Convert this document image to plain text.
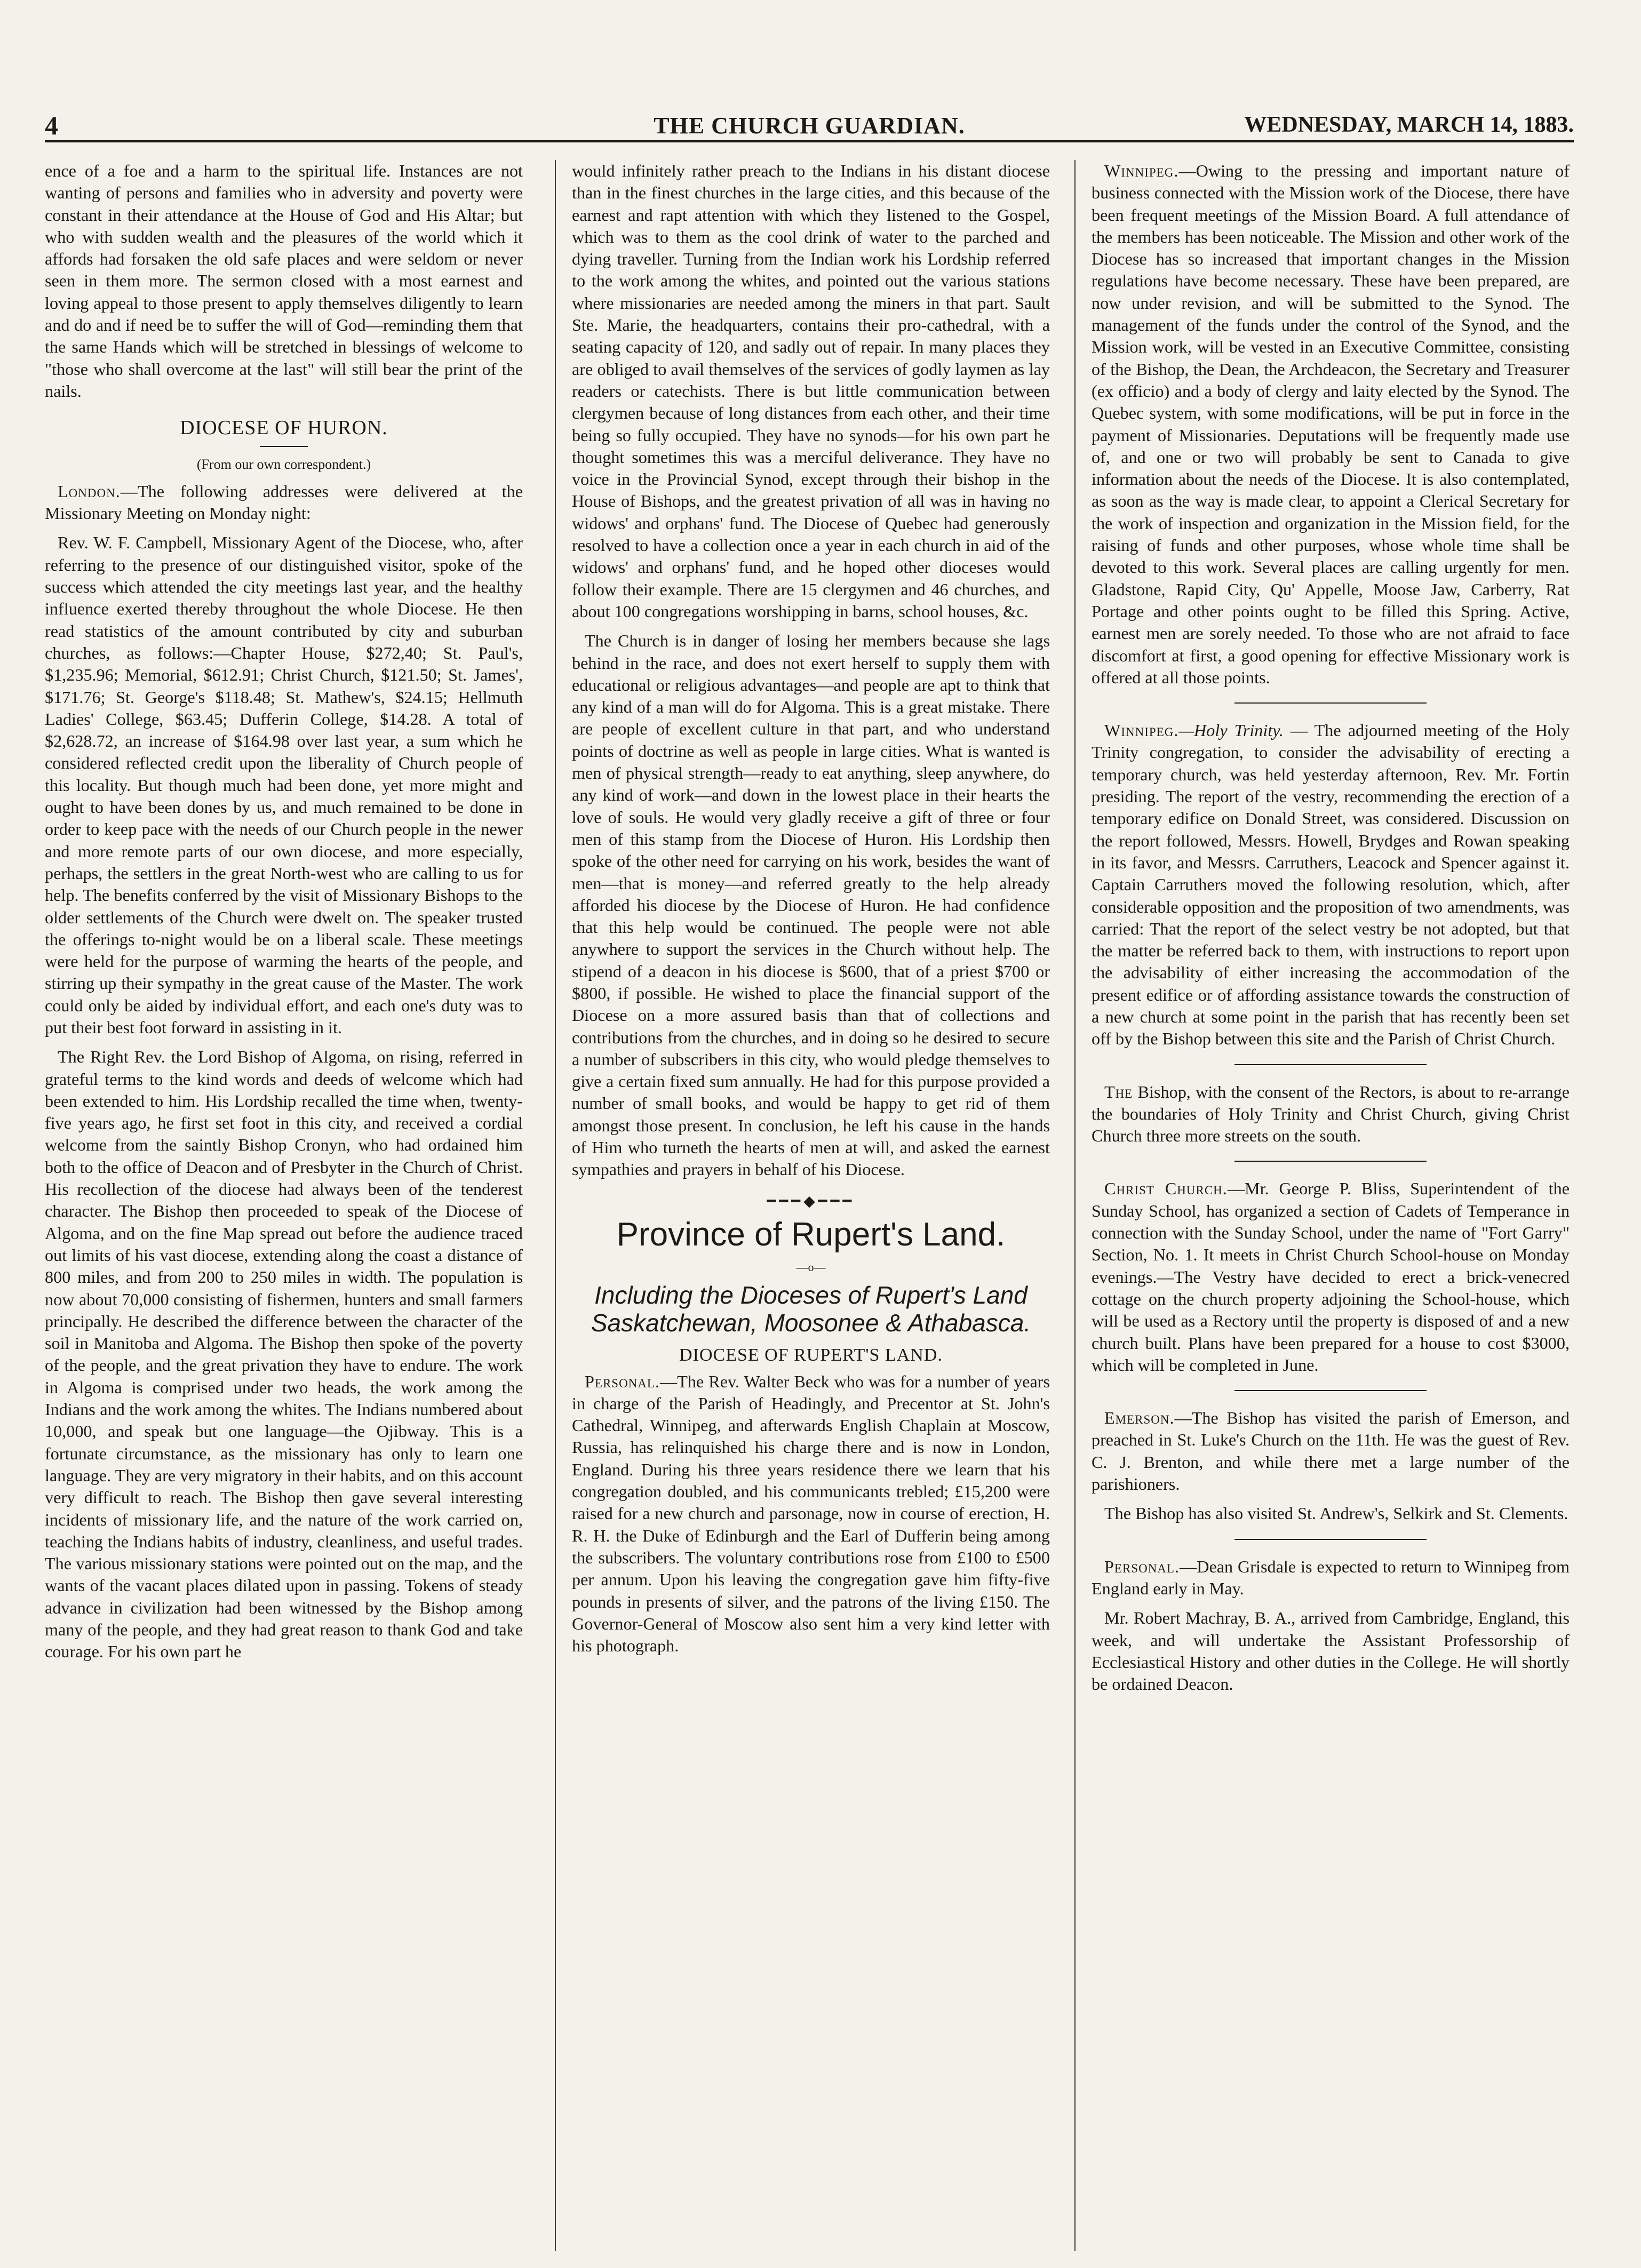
4	THE CHURCH GUARDIAN.	WEDNESDAY, MARCH 14, 1883.

ence of a foe and a harm to the spiritual life. Instances are not wanting of persons and families who in adversity and poverty were constant in their attendance at the House of God and His Altar; but who with sudden wealth and the pleasures of the world which it affords had forsaken the old safe places and were seldom or never seen in them more. The sermon closed with a most earnest and loving appeal to those present to apply themselves diligently to learn and do and if need be to suffer the will of God—reminding them that the same Hands which will be stretched in blessings of welcome to "those who shall overcome at the last" will still bear the print of the nails.

DIOCESE OF HURON.
(From our own correspondent.)

London.—The following addresses were delivered at the Missionary Meeting on Monday night:

Rev. W. F. Campbell, Missionary Agent of the Diocese, who, after referring to the presence of our distinguished visitor, spoke of the success which attended the city meetings last year, and the healthy influence exerted thereby throughout the whole Diocese. He then read statistics of the amount contributed by city and suburban churches, as follows:—Chapter House, $272,40; St. Paul's, $1,235.96; Memorial, $612.91; Christ Church, $121.50; St. James', $171.76; St. George's $118.48; St. Mathew's, $24.15; Hellmuth Ladies' College, $63.45; Dufferin College, $14.28. A total of $2,628.72, an increase of $164.98 over last year, a sum which he considered reflected credit upon the liberality of Church people of this locality. But though much had been done, yet more might and ought to have been dones by us, and much remained to be done in order to keep pace with the needs of our Church people in the newer and more remote parts of our own diocese, and more especially, perhaps, the settlers in the great North-west who are calling to us for help. The benefits conferred by the visit of Missionary Bishops to the older settlements of the Church were dwelt on. The speaker trusted the offerings to-night would be on a liberal scale. These meetings were held for the purpose of warming the hearts of the people, and stirring up their sympathy in the great cause of the Master. The work could only be aided by individual effort, and each one's duty was to put their best foot forward in assisting in it.

The Right Rev. the Lord Bishop of Algoma, on rising, referred in grateful terms to the kind words and deeds of welcome which had been extended to him. His Lordship recalled the time when, twenty-five years ago, he first set foot in this city, and received a cordial welcome from the saintly Bishop Cronyn, who had ordained him both to the office of Deacon and of Presbyter in the Church of Christ. His recollection of the diocese had always been of the tenderest character. The Bishop then proceeded to speak of the Diocese of Algoma, and on the fine Map spread out before the audience traced out limits of his vast diocese, extending along the coast a distance of 800 miles, and from 200 to 250 miles in width. The population is now about 70,000 consisting of fishermen, hunters and small farmers principally. He described the difference between the character of the soil in Manitoba and Algoma. The Bishop then spoke of the poverty of the people, and the great privation they have to endure. The work in Algoma is comprised under two heads, the work among the Indians and the work among the whites. The Indians numbered about 10,000, and speak but one language—the Ojibway. This is a fortunate circumstance, as the missionary has only to learn one language. They are very migratory in their habits, and on this account very difficult to reach. The Bishop then gave several interesting incidents of missionary life, and the nature of the work carried on, teaching the Indians habits of industry, cleanliness, and useful trades. The various missionary stations were pointed out on the map, and the wants of the vacant places dilated upon in passing. Tokens of steady advance in civilization had been witnessed by the Bishop among many of the people, and they had great reason to thank God and take courage. For his own part he

would infinitely rather preach to the Indians in his distant diocese than in the finest churches in the large cities, and this because of the earnest and rapt attention with which they listened to the Gospel, which was to them as the cool drink of water to the parched and dying traveller. Turning from the Indian work his Lordship referred to the work among the whites, and pointed out the various stations where missionaries are needed among the miners in that part. Sault Ste. Marie, the headquarters, contains their pro-cathedral, with a seating capacity of 120, and sadly out of repair. In many places they are obliged to avail themselves of the services of godly laymen as lay readers or catechists. There is but little communication between clergymen because of long distances from each other, and their time being so fully occupied. They have no synods—for his own part he thought sometimes this was a merciful deliverance. They have no voice in the Provincial Synod, except through their bishop in the House of Bishops, and the greatest privation of all was in having no widows' and orphans' fund. The Diocese of Quebec had generously resolved to have a collection once a year in each church in aid of the widows' and orphans' fund, and he hoped other dioceses would follow their example. There are 15 clergymen and 46 churches, and about 100 congregations worshipping in barns, school houses, &c.

The Church is in danger of losing her members because she lags behind in the race, and does not exert herself to supply them with educational or religious advantages—and people are apt to think that any kind of a man will do for Algoma. This is a great mistake. There are people of excellent culture in that part, and who understand points of doctrine as well as people in large cities. What is wanted is men of physical strength—ready to eat anything, sleep anywhere, do any kind of work—and down in the lowest place in their hearts the love of souls. He would very gladly receive a gift of three or four men of this stamp from the Diocese of Huron. His Lordship then spoke of the other need for carrying on his work, besides the want of men—that is money—and referred greatly to the help already afforded his diocese by the Diocese of Huron. He had confidence that this help would be continued. The people were not able anywhere to support the services in the Church without help. The stipend of a deacon in his diocese is $600, that of a priest $700 or $800, if possible. He wished to place the financial support of the Diocese on a more assured basis than that of collections and contributions from the churches, and in doing so he desired to secure a number of subscribers in this city, who would pledge themselves to give a certain fixed sum annually. He had for this purpose provided a number of small books, and would be happy to get rid of them amongst those present. In conclusion, he left his cause in the hands of Him who turneth the hearts of men at will, and asked the earnest sympathies and prayers in behalf of his Diocese.

━━━◆━━━
Province of Rupert's Land.
—o—
Including the Dioceses of Rupert's Land Saskatchewan, Moosonee & Athabasca.
DIOCESE OF RUPERT'S LAND.

Personal.—The Rev. Walter Beck who was for a number of years in charge of the Parish of Headingly, and Precentor at St. John's Cathedral, Winnipeg, and afterwards English Chaplain at Moscow, Russia, has relinquished his charge there and is now in London, England. During his three years residence there we learn that his congregation doubled, and his communicants trebled; £15,200 were raised for a new church and parsonage, now in course of erection, H. R. H. the Duke of Edinburgh and the Earl of Dufferin being among the subscribers. The voluntary contributions rose from £100 to £500 per annum. Upon his leaving the congregation gave him fifty-five pounds in presents of silver, and the patrons of the living £150. The Governor-General of Moscow also sent him a very kind letter with his photograph.

Winnipeg.—Owing to the pressing and important nature of business connected with the Mission work of the Diocese, there have been frequent meetings of the Mission Board. A full attendance of the members has been noticeable. The Mission and other work of the Diocese has so increased that important changes in the Mission regulations have become necessary. These have been prepared, are now under revision, and will be submitted to the Synod. The management of the funds under the control of the Synod, and the Mission work, will be vested in an Executive Committee, consisting of the Bishop, the Dean, the Archdeacon, the Secretary and Treasurer (ex officio) and a body of clergy and laity elected by the Synod. The Quebec system, with some modifications, will be put in force in the payment of Missionaries. Deputations will be frequently made use of, and one or two will probably be sent to Canada to give information about the needs of the Diocese. It is also contemplated, as soon as the way is made clear, to appoint a Clerical Secretary for the work of inspection and organization in the Mission field, for the raising of funds and other purposes, whose whole time shall be devoted to this work. Several places are calling urgently for men. Gladstone, Rapid City, Qu' Appelle, Moose Jaw, Carberry, Rat Portage and other points ought to be filled this Spring. Active, earnest men are sorely needed. To those who are not afraid to face discomfort at first, a good opening for effective Missionary work is offered at all those points.

Winnipeg.—Holy Trinity. — The adjourned meeting of the Holy Trinity congregation, to consider the advisability of erecting a temporary church, was held yesterday afternoon, Rev. Mr. Fortin presiding. The report of the vestry, recommending the erection of a temporary edifice on Donald Street, was considered. Discussion on the report followed, Messrs. Howell, Brydges and Rowan speaking in its favor, and Messrs. Carruthers, Leacock and Spencer against it. Captain Carruthers moved the following resolution, which, after considerable opposition and the proposition of two amendments, was carried: That the report of the select vestry be not adopted, but that the matter be referred back to them, with instructions to report upon the advisability of either increasing the accommodation of the present edifice or of affording assistance towards the construction of a new church at some point in the parish that has recently been set off by the Bishop between this site and the Parish of Christ Church.

The Bishop, with the consent of the Rectors, is about to re-arrange the boundaries of Holy Trinity and Christ Church, giving Christ Church three more streets on the south.

Christ Church.—Mr. George P. Bliss, Superintendent of the Sunday School, has organized a section of Cadets of Temperance in connection with the Sunday School, under the name of "Fort Garry" Section, No. 1. It meets in Christ Church School-house on Monday evenings.—The Vestry have decided to erect a brick-venecred cottage on the church property adjoining the School-house, which will be used as a Rectory until the property is disposed of and a new church built. Plans have been prepared for a house to cost $3000, which will be completed in June.

Emerson.—The Bishop has visited the parish of Emerson, and preached in St. Luke's Church on the 11th. He was the guest of Rev. C. J. Brenton, and while there met a large number of the parishioners.

The Bishop has also visited St. Andrew's, Selkirk and St. Clements.

Personal.—Dean Grisdale is expected to return to Winnipeg from England early in May.

Mr. Robert Machray, B. A., arrived from Cambridge, England, this week, and will undertake the Assistant Professorship of Ecclesiastical History and other duties in the College. He will shortly be ordained Deacon.
